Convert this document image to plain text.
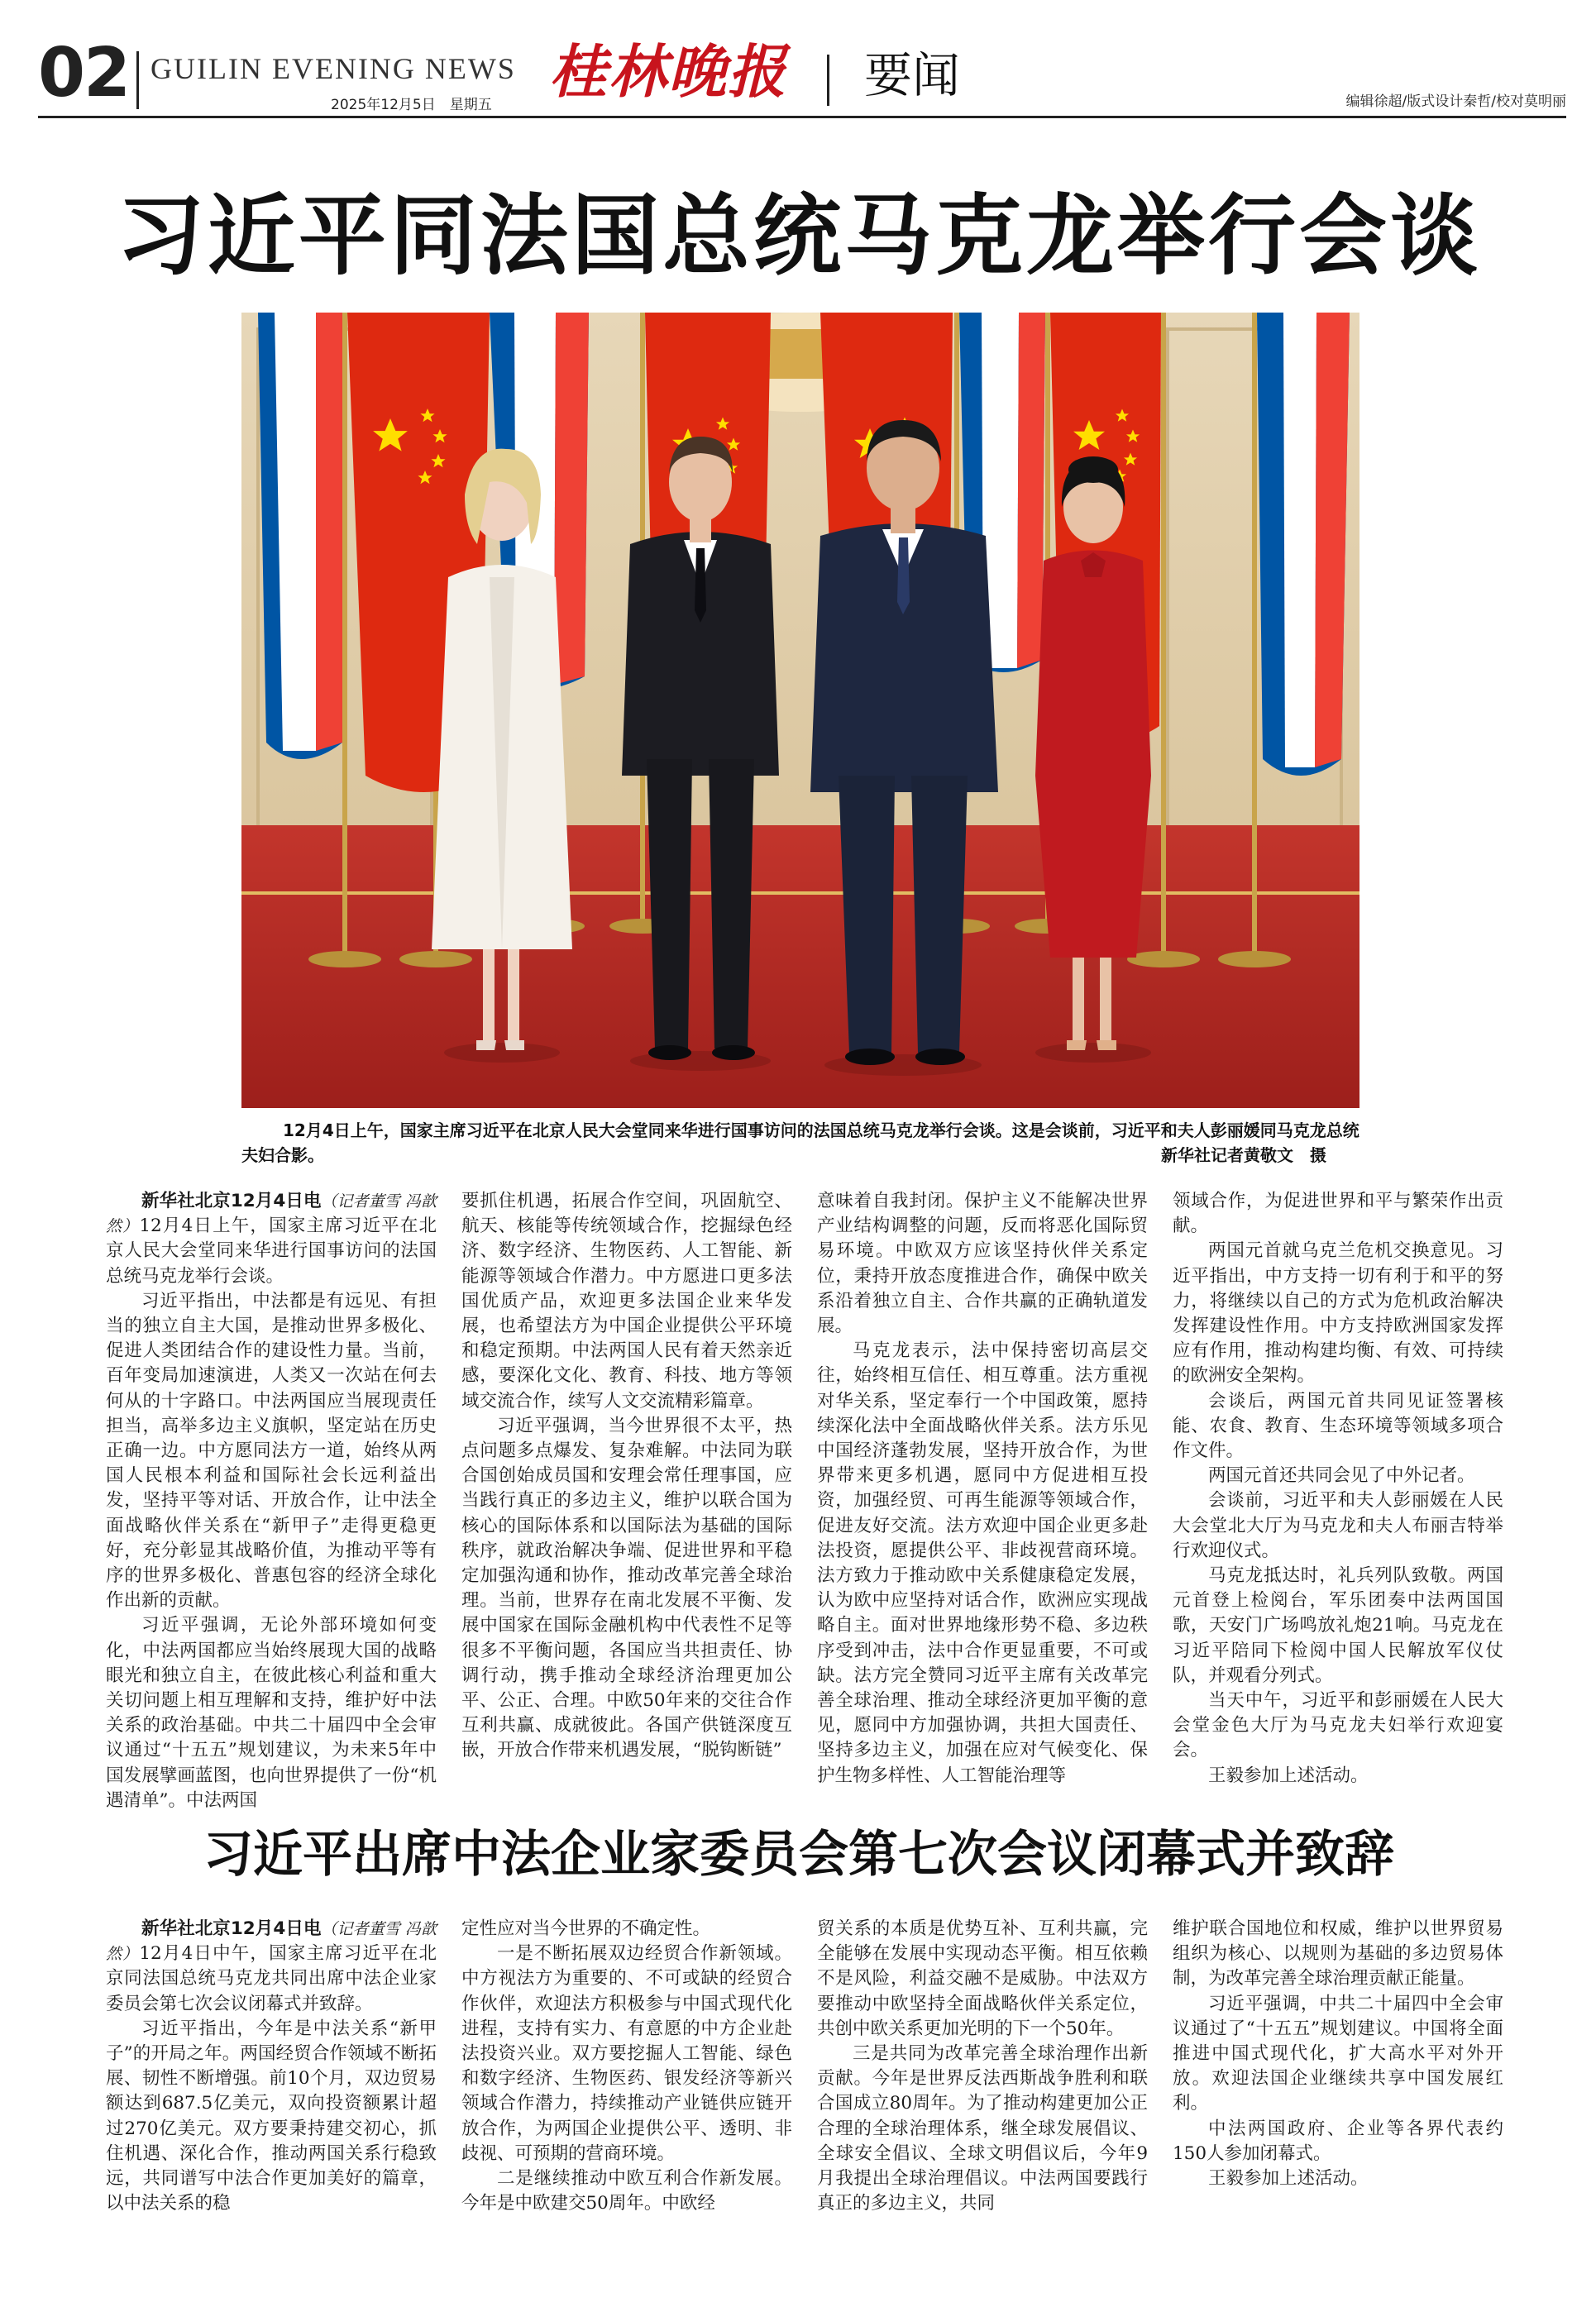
02 GUILIN EVENING NEWS
2025年12月5日　星期五 桂林晚报 要闻	编辑徐超/版式设计秦哲/校对莫明丽
习近平同法国总统马克龙举行会谈
12月4日上午，国家主席习近平在北京人民大会堂同来华进行国事访问的法国总统马克龙举行会谈。这是会谈前，习近平和夫人彭丽媛同马克龙总统夫妇合影。	新华社记者黄敬文　摄

新华社北京12月4日电（记者董雪 冯歆然）12月4日上午，国家主席习近平在北京人民大会堂同来华进行国事访问的法国总统马克龙举行会谈。

习近平指出，中法都是有远见、有担当的独立自主大国，是推动世界多极化、促进人类团结合作的建设性力量。当前，百年变局加速演进，人类又一次站在何去何从的十字路口。中法两国应当展现责任担当，高举多边主义旗帜，坚定站在历史正确一边。中方愿同法方一道，始终从两国人民根本利益和国际社会长远利益出发，坚持平等对话、开放合作，让中法全面战略伙伴关系在“新甲子”走得更稳更好，充分彰显其战略价值，为推动平等有序的世界多极化、普惠包容的经济全球化作出新的贡献。

习近平强调，无论外部环境如何变化，中法两国都应当始终展现大国的战略眼光和独立自主，在彼此核心利益和重大关切问题上相互理解和支持，维护好中法关系的政治基础。中共二十届四中全会审议通过“十五五”规划建议，为未来5年中国发展擘画蓝图，也向世界提供了一份“机遇清单”。中法两国

要抓住机遇，拓展合作空间，巩固航空、航天、核能等传统领域合作，挖掘绿色经济、数字经济、生物医药、人工智能、新能源等领域合作潜力。中方愿进口更多法国优质产品，欢迎更多法国企业来华发展，也希望法方为中国企业提供公平环境和稳定预期。中法两国人民有着天然亲近感，要深化文化、教育、科技、地方等领域交流合作，续写人文交流精彩篇章。

习近平强调，当今世界很不太平，热点问题多点爆发、复杂难解。中法同为联合国创始成员国和安理会常任理事国，应当践行真正的多边主义，维护以联合国为核心的国际体系和以国际法为基础的国际秩序，就政治解决争端、促进世界和平稳定加强沟通和协作，推动改革完善全球治理。当前，世界存在南北发展不平衡、发展中国家在国际金融机构中代表性不足等很多不平衡问题，各国应当共担责任、协调行动，携手推动全球经济治理更加公平、公正、合理。中欧50年来的交往合作互利共赢、成就彼此。各国产供链深度互嵌，开放合作带来机遇发展，“脱钩断链”

意味着自我封闭。保护主义不能解决世界产业结构调整的问题，反而将恶化国际贸易环境。中欧双方应该坚持伙伴关系定位，秉持开放态度推进合作，确保中欧关系沿着独立自主、合作共赢的正确轨道发展。

马克龙表示，法中保持密切高层交往，始终相互信任、相互尊重。法方重视对华关系，坚定奉行一个中国政策，愿持续深化法中全面战略伙伴关系。法方乐见中国经济蓬勃发展，坚持开放合作，为世界带来更多机遇，愿同中方促进相互投资，加强经贸、可再生能源等领域合作，促进友好交流。法方欢迎中国企业更多赴法投资，愿提供公平、非歧视营商环境。法方致力于推动欧中关系健康稳定发展，认为欧中应坚持对话合作，欧洲应实现战略自主。面对世界地缘形势不稳、多边秩序受到冲击，法中合作更显重要，不可或缺。法方完全赞同习近平主席有关改革完善全球治理、推动全球经济更加平衡的意见，愿同中方加强协调，共担大国责任、坚持多边主义，加强在应对气候变化、保护生物多样性、人工智能治理等

领域合作，为促进世界和平与繁荣作出贡献。

两国元首就乌克兰危机交换意见。习近平指出，中方支持一切有利于和平的努力，将继续以自己的方式为危机政治解决发挥建设性作用。中方支持欧洲国家发挥应有作用，推动构建均衡、有效、可持续的欧洲安全架构。

会谈后，两国元首共同见证签署核能、农食、教育、生态环境等领域多项合作文件。

两国元首还共同会见了中外记者。

会谈前，习近平和夫人彭丽媛在人民大会堂北大厅为马克龙和夫人布丽吉特举行欢迎仪式。

马克龙抵达时，礼兵列队致敬。两国元首登上检阅台，军乐团奏中法两国国歌，天安门广场鸣放礼炮21响。马克龙在习近平陪同下检阅中国人民解放军仪仗队，并观看分列式。

当天中午，习近平和彭丽媛在人民大会堂金色大厅为马克龙夫妇举行欢迎宴会。

王毅参加上述活动。

习近平出席中法企业家委员会第七次会议闭幕式并致辞

新华社北京12月4日电（记者董雪 冯歆然）12月4日中午，国家主席习近平在北京同法国总统马克龙共同出席中法企业家委员会第七次会议闭幕式并致辞。

习近平指出，今年是中法关系“新甲子”的开局之年。两国经贸合作领域不断拓展、韧性不断增强。前10个月，双边贸易额达到687.5亿美元，双向投资额累计超过270亿美元。双方要秉持建交初心，抓住机遇、深化合作，推动两国关系行稳致远，共同谱写中法合作更加美好的篇章，以中法关系的稳

定性应对当今世界的不确定性。

一是不断拓展双边经贸合作新领域。中方视法方为重要的、不可或缺的经贸合作伙伴，欢迎法方积极参与中国式现代化进程，支持有实力、有意愿的中方企业赴法投资兴业。双方要挖掘人工智能、绿色和数字经济、生物医药、银发经济等新兴领域合作潜力，持续推动产业链供应链开放合作，为两国企业提供公平、透明、非歧视、可预期的营商环境。

二是继续推动中欧互利合作新发展。今年是中欧建交50周年。中欧经

贸关系的本质是优势互补、互利共赢，完全能够在发展中实现动态平衡。相互依赖不是风险，利益交融不是威胁。中法双方要推动中欧坚持全面战略伙伴关系定位，共创中欧关系更加光明的下一个50年。

三是共同为改革完善全球治理作出新贡献。今年是世界反法西斯战争胜利和联合国成立80周年。为了推动构建更加公正合理的全球治理体系，继全球发展倡议、全球安全倡议、全球文明倡议后，今年9月我提出全球治理倡议。中法两国要践行真正的多边主义，共同

维护联合国地位和权威，维护以世界贸易组织为核心、以规则为基础的多边贸易体制，为改革完善全球治理贡献正能量。

习近平强调，中共二十届四中全会审议通过了“十五五”规划建议。中国将全面推进中国式现代化，扩大高水平对外开放。欢迎法国企业继续共享中国发展红利。

中法两国政府、企业等各界代表约150人参加闭幕式。

王毅参加上述活动。
